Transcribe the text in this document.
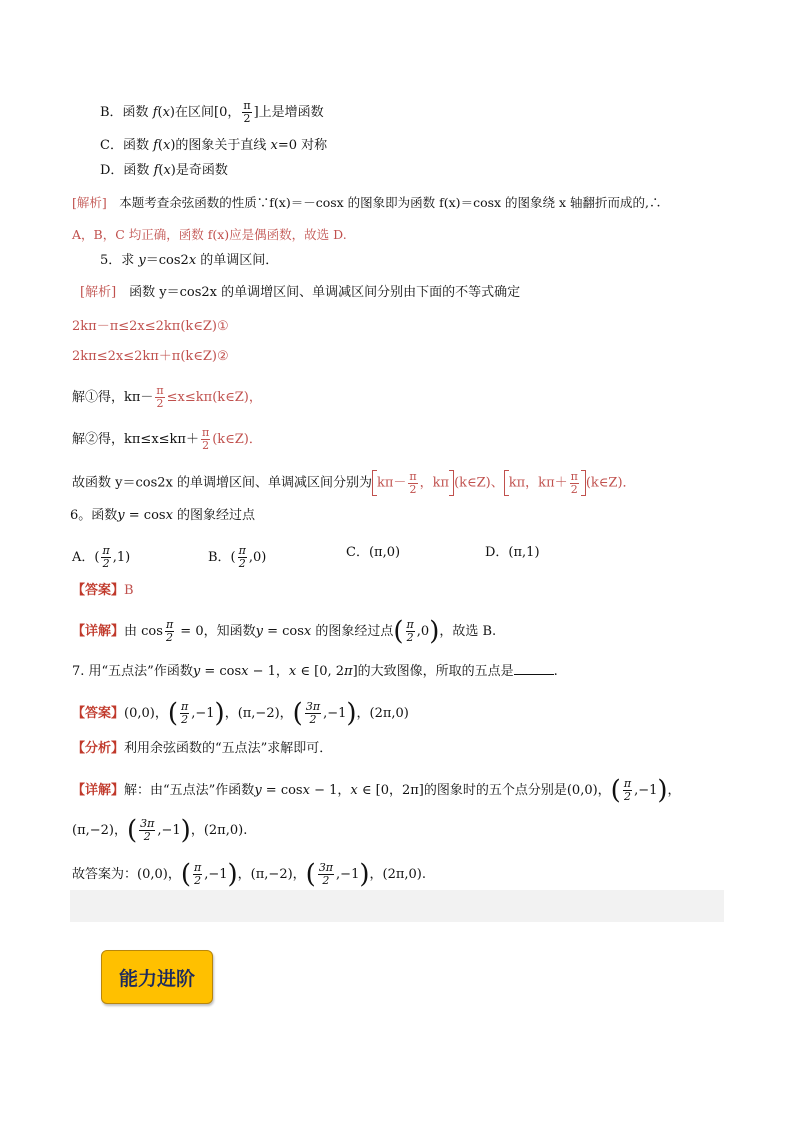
B．函数 f(x)在区间[0， $\frac{\pi}{2}$ ]上是增函数
C．函数 f(x)的图象关于直线 x=0 对称
D．函数 f(x)是奇函数
[解析]　本题考查余弦函数的性质∵f(x)＝－cosx 的图象即为函数 f(x)＝cosx 的图象绕 x 轴翻折而成的,∴
A，B，C 均正确，函数 f(x)应是偶函数，故选 D.
5．求 y＝cos2x 的单调区间．
[解析]　函数 y＝cos2x 的单调增区间、单调减区间分别由下面的不等式确定
2kπ－π≤2x≤2kπ(k∈Z)①
2kπ≤2x≤2kπ＋π(k∈Z)②
解①得，$k\pi- \frac{\pi}{2}$ ≤x≤kπ(k∈Z)，
解②得，$k\pi\le x\le k\pi+ \frac{\pi}{2}$ (k∈Z)．
故函数 y＝cos2x 的单调增区间、单调减区间分别为 $k\pi- \frac{\pi}{2}$ ，kπ (k∈Z)、 kπ，$k\pi+ \frac{\pi}{2}$ (k∈Z)．
6。函数y = cosx 的图象经过点
A．( $\frac{\pi}{2} ,1$)	B．( $\frac{\pi}{2} ,0$)	C．(π,0)	D．(π,1)
【答案】B
【详解】由 $\cos \frac{\pi}{2} = 0$，知函数y = cosx 的图象经过点( $\frac{\pi}{2} ,0$)，故选 B.
7. 用“五点法”作函数y = cosx − 1，x ∈ [0, 2π]的大致图像，所取的五点是	.
【答案】(0,0)，( $\frac{\pi}{2} ,-1$)，(π,−2)，( $\frac{3\pi}{2} ,-1$)，(2π,0)
【分析】利用余弦函数的“五点法”求解即可．
【详解】解：由“五点法”作函数y = cosx − 1，x ∈ [0，2π]的图象时的五个点分别是(0,0)，( $\frac{\pi}{2} ,-1$)，
(π,−2)，( $\frac{3\pi}{2} ,-1$)，(2π,0).
故答案为：(0,0)，( $\frac{\pi}{2} ,-1$)，(π,−2)，( $\frac{3\pi}{2} ,-1$)，(2π,0).
能力进阶
